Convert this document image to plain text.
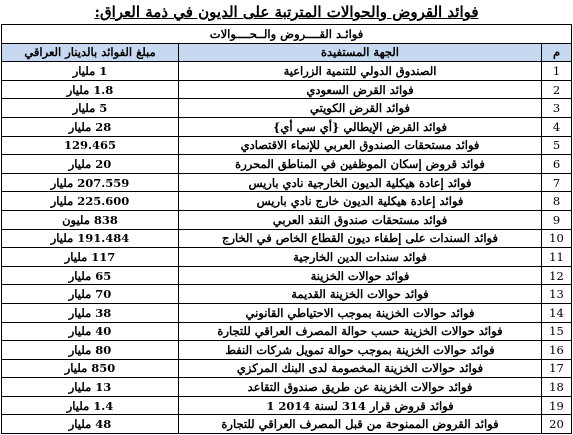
فوائد القروض والحوالات المترتبة على الديون في ذمة العراق:
فوائـد القــــروض والــحــــوالات		
م	الجهة المستفيدة	مبلغ الفوائد بالدينار العراقي
1	الصندوق الدولي للتنمية الزراعية	1 مليار
2	فوائد القرض السعودي	1.8 مليار
3	فوائد القرض الكويتي	5 مليار
4	فوائد القرض الإيطالي {أي سي أي}	28 مليار
5	فوائد مستحقات الصندوق العربي للإنماء الاقتصادي	129.465
6	فوائد قروض إسكان الموظفين في المناطق المحررة	20 مليار
7	فوائد إعادة هيكلية الديون الخارجية نادي باريس	207.559 مليار
8	فوائد إعادة هيكلية الديون خارج نادي باريس	225.600 مليار
9	فوائد مستحقات صندوق النقد العربي	838 مليون
10	فوائد السندات على إطفاء ديون القطاع الخاص في الخارج	191.484 مليار
11	فوائد سندات الدين الخارجية	117 مليار
12	فوائد حوالات الخزينة	65 مليار
13	فوائد حوالات الخزينة القديمة	70 مليار
14	فوائد حوالات الخزينة بموجب الاحتياطي القانوني	38 مليار
15	فوائد حوالات الخزينة حسب حوالة المصرف العراقي للتجارة	40 مليار
16	فوائد حوالات الخزينة بموجب حوالة تمويل شركات النفط	80 مليار
17	فوائد حوالات الخزينة المخصومة لدى البنك المركزي	850 مليار
18	فوائد حوالات الخزينة عن طريق صندوق التقاعد	13 مليار
19	فوائد قروض قرار 314 لسنة 2014 1	1.4 مليار
20	فوائد القروض الممنوحة من قبل المصرف العراقي للتجارة	48 مليار
